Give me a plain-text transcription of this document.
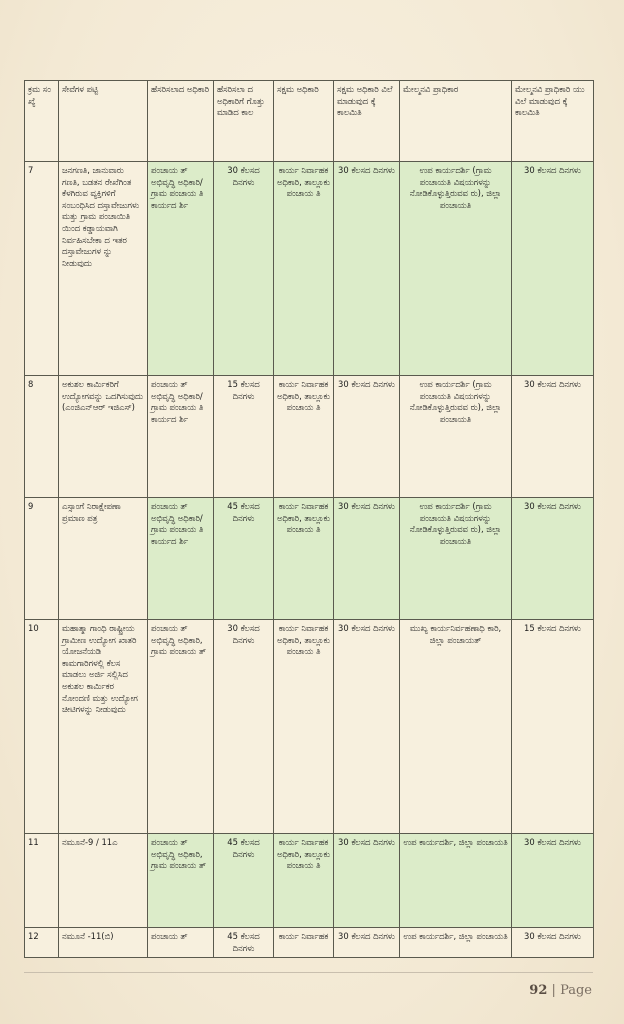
ಕ್ರಮ ಸಂ ಖ್ಯೆ	ಸೇವೆಗಳ ಪಟ್ಟಿ	ಹೆಸರಿಸಲಾದ ಅಧಿಕಾರಿ	ಹೆಸರಿಸಲಾ ದ ಅಧಿಕಾರಿಗೆ ಗೊತ್ತು ಮಾಡಿದ ಕಾಲ	ಸಕ್ಷಮ ಅಧಿಕಾರಿ	ಸಕ್ಷಮ ಅಧಿಕಾರಿ ವಿಲೆ ಮಾಡುವುದ ಕ್ಕೆ ಕಾಲಮಿತಿ	ಮೇಲ್ಮನವಿ ಪ್ರಾಧಿಕಾರ	ಮೇಲ್ಮನವಿ ಪ್ರಾಧಿಕಾರಿ ಯು ವಿಲೆ ಮಾಡುವುದ ಕ್ಕೆ ಕಾಲಮಿತಿ
7	ಜನಗಣತಿ, ಜಾನುವಾರು ಗಣತಿ, ಬಡತನ ರೇಖೆಗಿಂತ ಕೆಳಗಿರುವ ವ್ಯಕ್ತಿಗಳಿಗೆ ಸಂಬಂಧಿಸಿದ ದಸ್ತಾವೇಜುಗಳು ಮತ್ತು ಗ್ರಾಮ ಪಂಚಾಯಿತಿ ಯಿಂದ ಕಡ್ಡಾಯವಾಗಿ ನಿರ್ವಹಿಸಬೇಕಾ ದ ಇತರ ದಸ್ತಾವೇಜುಗಳ ನ್ನು ನೀಡುವುದು	ಪಂಚಾಯ ತ್ ಅಭಿವೃದ್ಧಿ ಅಧಿಕಾರಿ/ ಗ್ರಾಮ ಪಂಚಾಯ ತಿ ಕಾರ್ಯದ ರ್ಶಿ	30 ಕೆಲಸದ ದಿನಗಳು	ಕಾರ್ಯ ನಿರ್ವಾಹಕ ಅಧಿಕಾರಿ, ತಾಲ್ಲೂಕು ಪಂಚಾಯ ತಿ	30 ಕೆಲಸದ ದಿನಗಳು	ಉಪ ಕಾರ್ಯದರ್ಶಿ (ಗ್ರಾಮ ಪಂಚಾಯತಿ ವಿಷಯಗಳನ್ನು ನೋಡಿಕೊಳ್ಳುತ್ತಿರುವವ ರು), ಜಿಲ್ಲಾ ಪಂಚಾಯತಿ	30 ಕೆಲಸದ ದಿನಗಳು
8	ಅಕುಶಲ ಕಾರ್ಮಿಕರಿಗೆ ಉದ್ಯೋಗವನ್ನು ಒದಗಿಸುವುದು (ಎಂಜಿಎನ್‌ಆರ್‌ ಇಜಿಎಸ್)	ಪಂಚಾಯ ತ್ ಅಭಿವೃದ್ಧಿ ಅಧಿಕಾರಿ/ ಗ್ರಾಮ ಪಂಚಾಯ ತಿ ಕಾರ್ಯದ ರ್ಶಿ	15 ಕೆಲಸದ ದಿನಗಳು	ಕಾರ್ಯ ನಿರ್ವಾಹಕ ಅಧಿಕಾರಿ, ತಾಲ್ಲೂಕು ಪಂಚಾಯ ತಿ	30 ಕೆಲಸದ ದಿನಗಳು	ಉಪ ಕಾರ್ಯದರ್ಶಿ (ಗ್ರಾಮ ಪಂಚಾಯತಿ ವಿಷಯಗಳನ್ನು ನೋಡಿಕೊಳ್ಳುತ್ತಿರುವವ ರು), ಜಿಲ್ಲಾ ಪಂಚಾಯತಿ	30 ಕೆಲಸದ ದಿನಗಳು
9	ಎಸ್ಸಾಂಗೆ ನಿರಾಕ್ಷೇಪಣಾ ಪ್ರಮಾಣ ಪತ್ರ	ಪಂಚಾಯ ತ್ ಅಭಿವೃದ್ಧಿ ಅಧಿಕಾರಿ/ ಗ್ರಾಮ ಪಂಚಾಯ ತಿ ಕಾರ್ಯದ ರ್ಶಿ	45 ಕೆಲಸದ ದಿನಗಳು	ಕಾರ್ಯ ನಿರ್ವಾಹಕ ಅಧಿಕಾರಿ, ತಾಲ್ಲೂಕು ಪಂಚಾಯ ತಿ	30 ಕೆಲಸದ ದಿನಗಳು	ಉಪ ಕಾರ್ಯದರ್ಶಿ (ಗ್ರಾಮ ಪಂಚಾಯತಿ ವಿಷಯಗಳನ್ನು ನೋಡಿಕೊಳ್ಳುತ್ತಿರುವವ ರು), ಜಿಲ್ಲಾ ಪಂಚಾಯತಿ	30 ಕೆಲಸದ ದಿನಗಳು
10	ಮಹಾತ್ಮಾ ಗಾಂಧಿ ರಾಷ್ಟ್ರೀಯ ಗ್ರಾಮೀಣ ಉದ್ಯೋಗ ಖಾತರಿ ಯೋಜನೆಯಡಿ ಕಾಮಗಾರಿಗಳಲ್ಲಿ ಕೆಲಸ ಮಾಡಲು ಅರ್ಜಿ ಸಲ್ಲಿಸಿದ ಅಕುಶಲ ಕಾರ್ಮಿಕರ ನೋಂದಣಿ ಮತ್ತು ಉದ್ಯೋಗ ಚೀಟಿಗಳನ್ನು ನೀಡುವುದು	ಪಂಚಾಯ ತ್ ಅಭಿವೃದ್ಧಿ ಅಧಿಕಾರಿ, ಗ್ರಾಮ ಪಂಚಾಯ ತ್	30 ಕೆಲಸದ ದಿನಗಳು	ಕಾರ್ಯ ನಿರ್ವಾಹಕ ಅಧಿಕಾರಿ, ತಾಲ್ಲೂಕು ಪಂಚಾಯ ತಿ	30 ಕೆಲಸದ ದಿನಗಳು	ಮುಖ್ಯ ಕಾರ್ಯನಿರ್ವಹಣಾಧಿ ಕಾರಿ, ಜಿಲ್ಲಾ ಪಂಚಾಯತ್	15 ಕೆಲಸದ ದಿನಗಳು
11	ನಮೂನೆ-9 / 11ಎ	ಪಂಚಾಯ ತ್ ಅಭಿವೃದ್ಧಿ ಅಧಿಕಾರಿ, ಗ್ರಾಮ ಪಂಚಾಯ ತ್	45 ಕೆಲಸದ ದಿನಗಳು	ಕಾರ್ಯ ನಿರ್ವಾಹಕ ಅಧಿಕಾರಿ, ತಾಲ್ಲೂಕು ಪಂಚಾಯ ತಿ	30 ಕೆಲಸದ ದಿನಗಳು	ಉಪ ಕಾರ್ಯದರ್ಶಿ, ಜಿಲ್ಲಾ ಪಂಚಾಯತಿ	30 ಕೆಲಸದ ದಿನಗಳು
12	ನಮೂನೆ -11(ಬಿ)	ಪಂಚಾಯ ತ್	45 ಕೆಲಸದ ದಿನಗಳು	ಕಾರ್ಯ ನಿರ್ವಾಹಕ	30 ಕೆಲಸದ ದಿನಗಳು	ಉಪ ಕಾರ್ಯದರ್ಶಿ, ಜಿಲ್ಲಾ ಪಂಚಾಯತಿ	30 ಕೆಲಸದ ದಿನಗಳು
92 | Page
